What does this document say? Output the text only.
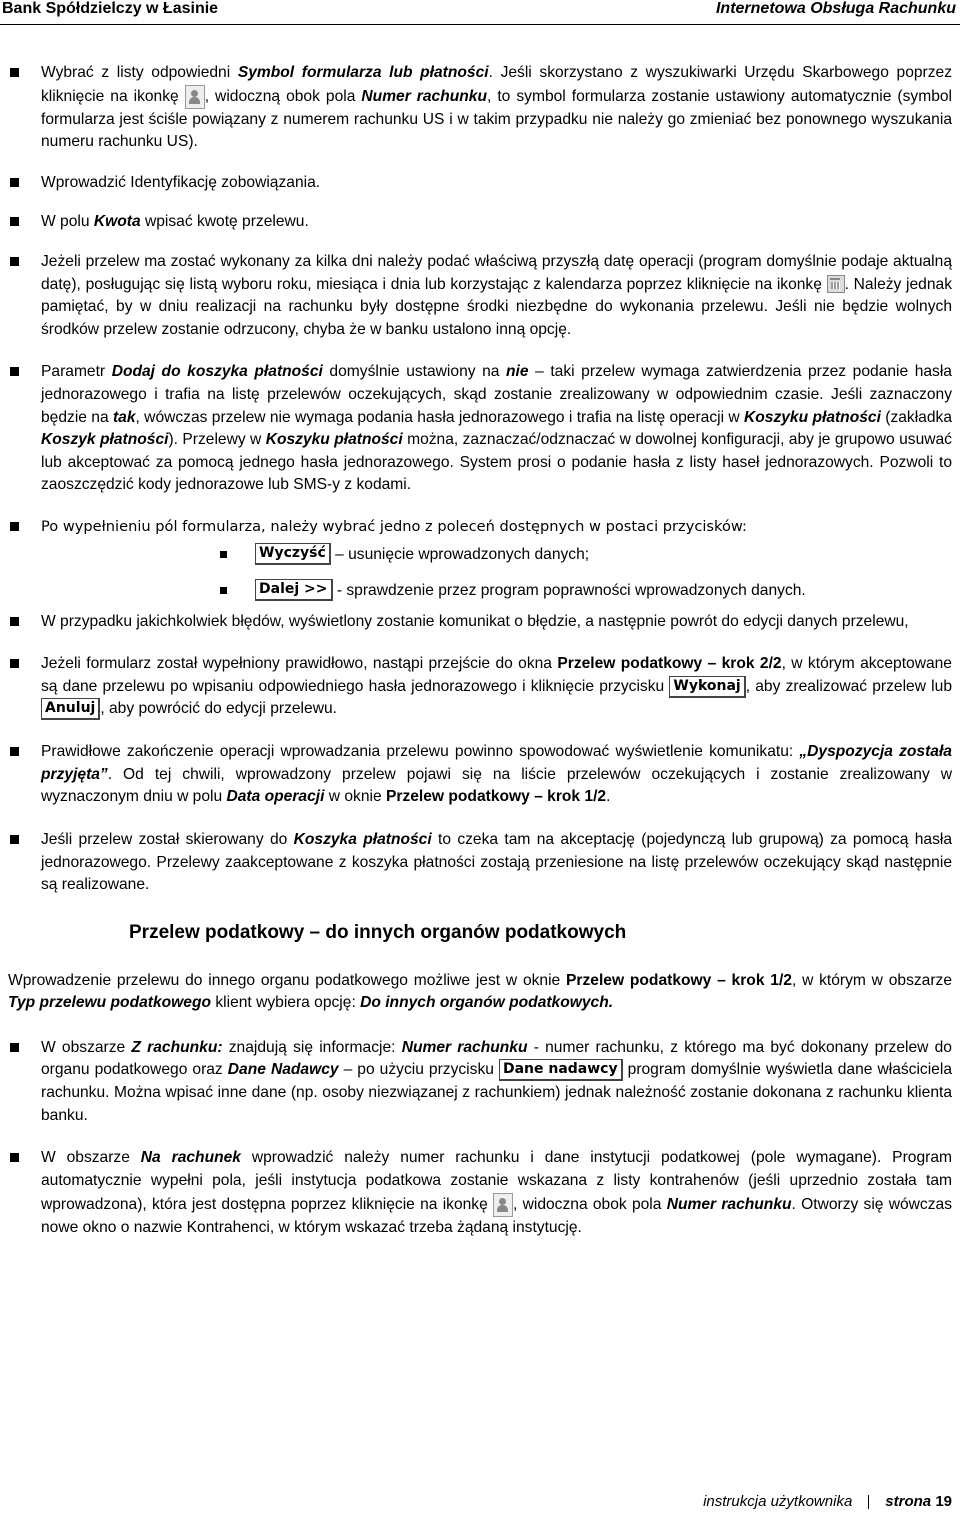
Bank Spółdzielczy w Łasinie	Internetowa Obsługa Rachunku
Wybrać z listy odpowiedni Symbol formularza lub płatności. Jeśli skorzystano z wyszukiwarki Urzędu Skarbowego poprzez kliknięcie na ikonkę
, widoczną obok pola Numer rachunku, to symbol formularza zostanie ustawiony automatycznie (symbol formularza jest ściśle powiązany z numerem rachunku US i w takim przypadku nie należy go zmieniać bez ponownego wyszukania numeru rachunku US).
Wprowadzić Identyfikację zobowiązania.
W polu Kwota wpisać kwotę przelewu.
Jeżeli przelew ma zostać wykonany za kilka dni należy podać właściwą przyszłą datę operacji (program domyślnie podaje aktualną datę), posługując się listą wyboru roku, miesiąca i dnia lub korzystając z kalendarza poprzez kliknięcie na ikonkę . Należy jednak pamiętać, by w dniu realizacji na rachunku były dostępne środki niezbędne do wykonania przelewu. Jeśli nie będzie wolnych środków przelew zostanie odrzucony, chyba że w banku ustalono inną opcję.
Parametr Dodaj do koszyka płatności domyślnie ustawiony na nie – taki przelew wymaga zatwierdzenia przez podanie hasła jednorazowego i trafia na listę przelewów oczekujących, skąd zostanie zrealizowany w odpowiednim czasie. Jeśli zaznaczony będzie na tak, wówczas przelew nie wymaga podania hasła jednorazowego i trafia na listę operacji w Koszyku płatności (zakładka Koszyk płatności). Przelewy w Koszyku płatności można, zaznaczać/odznaczać w dowolnej konfiguracji, aby je grupowo usuwać lub akceptować za pomocą jednego hasła jednorazowego. System prosi o podanie hasła z listy haseł jednorazowych. Pozwoli to zaoszczędzić kody jednorazowe lub SMS-y z kodami.
Po wypełnieniu pól formularza, należy wybrać jedno z poleceń dostępnych w postaci przycisków:
Wyczyść – usunięcie wprowadzonych danych;
Dalej >> - sprawdzenie przez program poprawności wprowadzonych danych.
W przypadku jakichkolwiek błędów, wyświetlony zostanie komunikat o błędzie, a następnie powrót do edycji danych przelewu,
Jeżeli formularz został wypełniony prawidłowo, nastąpi przejście do okna Przelew podatkowy – krok 2/2, w którym akceptowane są dane przelewu po wpisaniu odpowiedniego hasła jednorazowego i kliknięcie przycisku Wykonaj , aby zrealizować przelew lub Anuluj , aby powrócić do edycji przelewu.
Prawidłowe zakończenie operacji wprowadzania przelewu powinno spowodować wyświetlenie komunikatu: „Dyspozycja została przyjęta”. Od tej chwili, wprowadzony przelew pojawi się na liście przelewów oczekujących i zostanie zrealizowany w wyznaczonym dniu w polu Data operacji w oknie Przelew podatkowy – krok 1/2.
Jeśli przelew został skierowany do Koszyka płatności to czeka tam na akceptację (pojedynczą lub grupową) za pomocą hasła jednorazowego. Przelewy zaakceptowane z koszyka płatności zostają przeniesione na listę przelewów oczekujący skąd następnie są realizowane.
Przelew podatkowy – do innych organów podatkowych
Wprowadzenie przelewu do innego organu podatkowego możliwe jest w oknie Przelew podatkowy – krok 1/2, w którym w obszarze Typ przelewu podatkowego klient wybiera opcję: Do innych organów podatkowych.
W obszarze Z rachunku: znajdują się informacje: Numer rachunku - numer rachunku, z którego ma być dokonany przelew do organu podatkowego oraz Dane Nadawcy – po użyciu przycisku Dane nadawcy program domyślnie wyświetla dane właściciela rachunku. Można wpisać inne dane (np. osoby niezwiązanej z rachunkiem) jednak należność zostanie dokonana z rachunku klienta banku.
W obszarze Na rachunek wprowadzić należy numer rachunku i dane instytucji podatkowej (pole wymagane). Program automatycznie wypełni pola, jeśli instytucja podatkowa zostanie wskazana z listy kontrahenów (jeśli uprzednio została tam wprowadzona), która jest dostępna poprzez kliknięcie na ikonkę
, widoczna obok pola Numer rachunku. Otworzy się wówczas nowe okno o nazwie Kontrahenci, w którym wskazać trzeba żądaną instytucję.
instrukcja użytkownika strona 19
